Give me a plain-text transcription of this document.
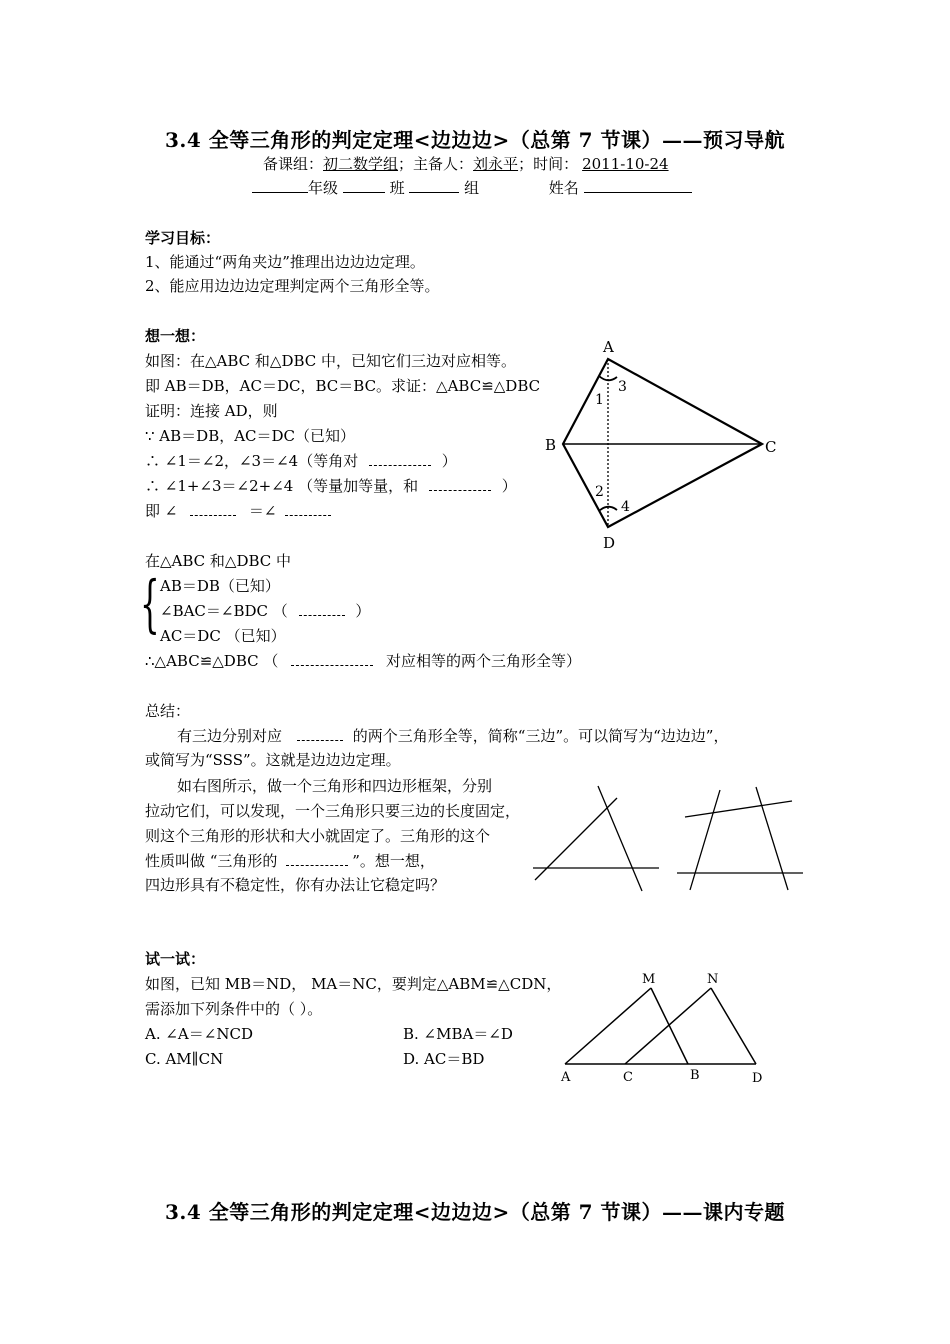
3.4 全等三角形的判定定理<边边边>（总第 7 节课）——预习导航
备课组：初二数学组；主备人：刘永平；时间： 2011-10-24
年级	班	组	姓名
学习目标：
1、能通过“两角夹边”推理出边边边定理。
2、能应用边边边定理判定两个三角形全等。
想一想：
如图：在△ABC 和△DBC 中，已知它们三边对应相等。
即 AB＝DB，AC＝DC，BC＝BC。求证：△ABC≌△DBC
证明：连接 AD，则
∵ AB＝DB，AC＝DC（已知）
∴ ∠1＝∠2，∠3＝∠4（等角对	）
∴ ∠1+∠3＝∠2+∠4 （等量加等量，和	）
即 ∠	＝∠
在△ABC 和△DBC 中
{ AB＝DB（已知）
∠BAC＝∠BDC （	）
AC＝DC （已知）
∴△ABC≌△DBC （	对应相等的两个三角形全等）
总结：
有三边分别对应	的两个三角形全等，简称“三边”。可以简写为“边边边”，
或简写为“SSS”。这就是边边边定理。
如右图所示，做一个三角形和四边形框架，分别
拉动它们，可以发现，一个三角形只要三边的长度固定，
则这个三角形的形状和大小就固定了。三角形的这个
性质叫做 “三角形的	”。想一想，
四边形具有不稳定性，你有办法让它稳定吗？
试一试：
如图，已知 MB＝ND， MA＝NC，要判定△ABM≌△CDN，
需添加下列条件中的（ ）。
A. ∠A＝∠NCD	B. ∠MBA＝∠D
C. AM∥CN	D. AC＝BD
A
B	C
D
1
3
2
4
M	N
A	C	B	D
3.4 全等三角形的判定定理<边边边>（总第 7 节课）——课内专题
